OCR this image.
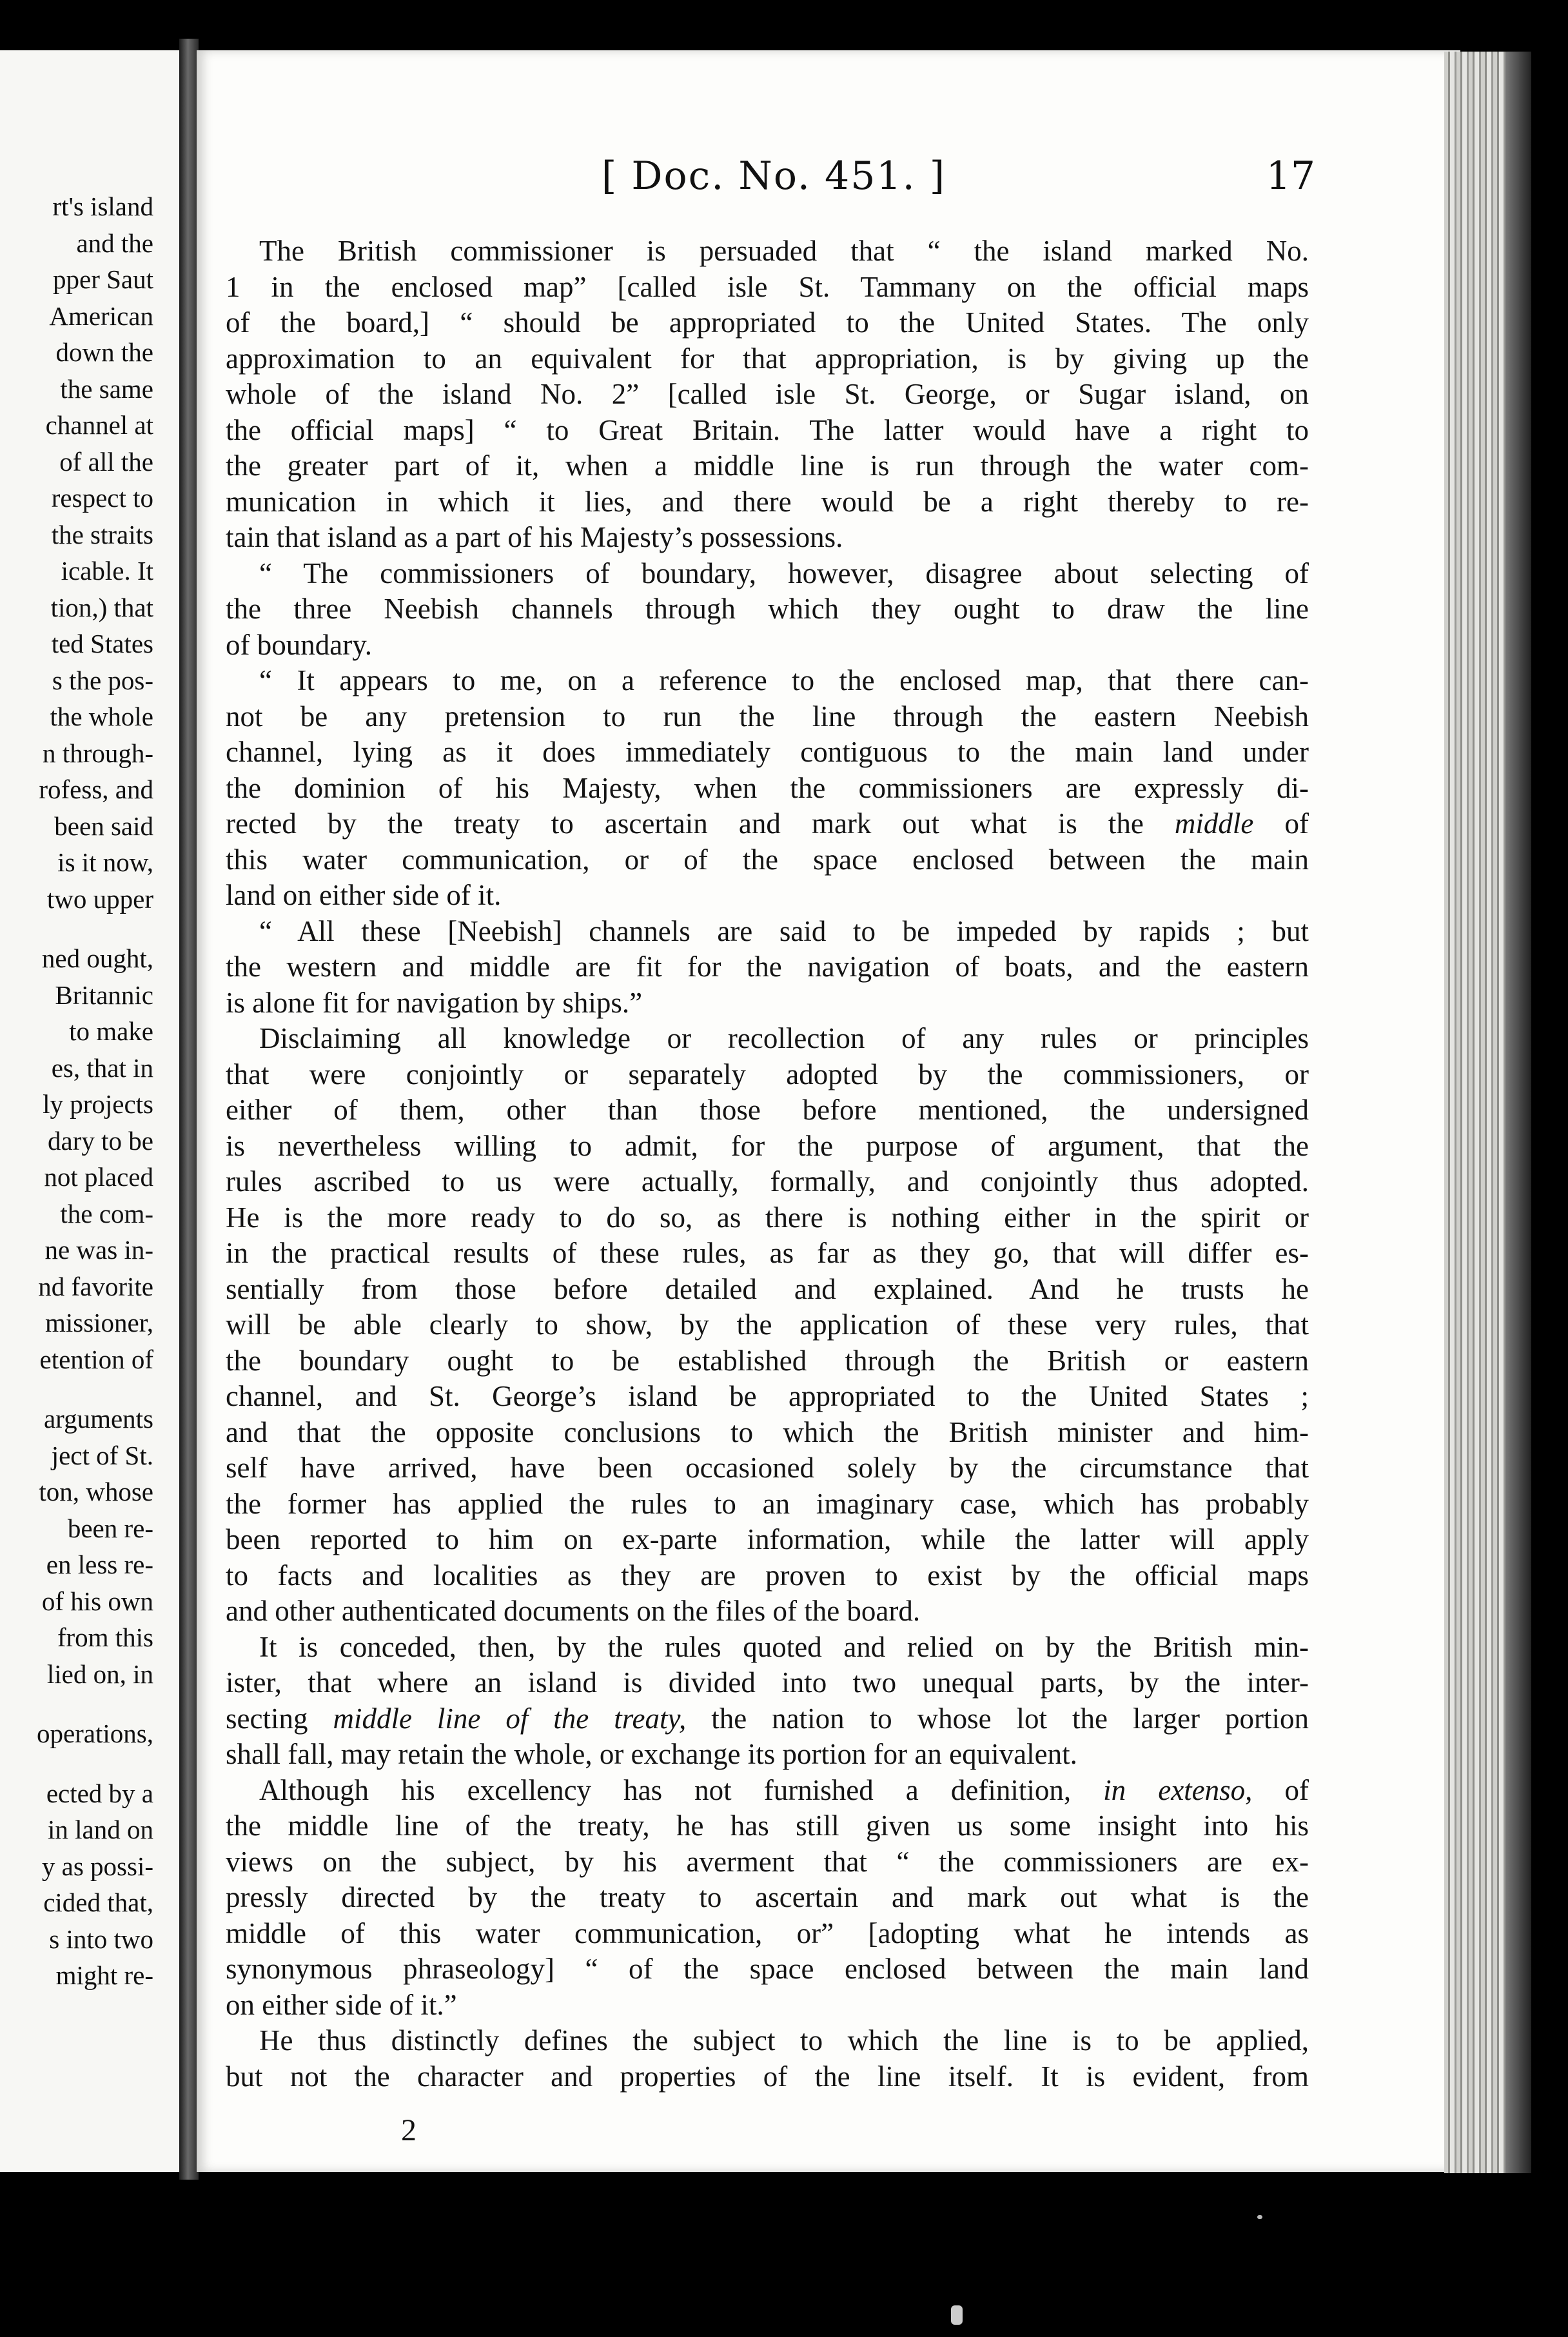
rt's island
and the
pper Saut
American
down the
the same
channel at
of all the
respect to
the straits
icable. It
tion,) that
ted States
s the pos-
the whole
n through-
rofess, and
been said
is it now,
two upper
ned ought,
Britannic
to make
es, that in
ly projects
dary to be
not placed
the com-
ne was in-
nd favorite
missioner,
etention of
arguments
ject of St.
ton, whose
been re-
en less re-
of his own
from this
lied on, in
operations,
ected by a
in land on
y as possi-
cided that,
s into two
might re-
[ Doc. No. 451. ]	17
The British commissioner is persuaded that “ the island marked No.
1 in the enclosed map” [called isle St. Tammany on the official maps
of the board,] “ should be appropriated to the United States. The only
approximation to an equivalent for that appropriation, is by giving up the
whole of the island No. 2” [called isle St. George, or Sugar island, on
the official maps] “ to Great Britain. The latter would have a right to
the greater part of it, when a middle line is run through the water com-
munication in which it lies, and there would be a right thereby to re-
tain that island as a part of his Majesty’s possessions.
“ The commissioners of boundary, however, disagree about selecting of
the three Neebish channels through which they ought to draw the line
of boundary.
“ It appears to me, on a reference to the enclosed map, that there can-
not be any pretension to run the line through the eastern Neebish
channel, lying as it does immediately contiguous to the main land under
the dominion of his Majesty, when the commissioners are expressly di-
rected by the treaty to ascertain and mark out what is the middle of
this water communication, or of the space enclosed between the main
land on either side of it.
“ All these [Neebish] channels are said to be impeded by rapids ; but
the western and middle are fit for the navigation of boats, and the eastern
is alone fit for navigation by ships.”
Disclaiming all knowledge or recollection of any rules or principles
that were conjointly or separately adopted by the commissioners, or
either of them, other than those before mentioned, the undersigned
is nevertheless willing to admit, for the purpose of argument, that the
rules ascribed to us were actually, formally, and conjointly thus adopted.
He is the more ready to do so, as there is nothing either in the spirit or
in the practical results of these rules, as far as they go, that will differ es-
sentially from those before detailed and explained. And he trusts he
will be able clearly to show, by the application of these very rules, that
the boundary ought to be established through the British or eastern
channel, and St. George’s island be appropriated to the United States ;
and that the opposite conclusions to which the British minister and him-
self have arrived, have been occasioned solely by the circumstance that
the former has applied the rules to an imaginary case, which has probably
been reported to him on ex-parte information, while the latter will apply
to facts and localities as they are proven to exist by the official maps
and other authenticated documents on the files of the board.
It is conceded, then, by the rules quoted and relied on by the British min-
ister, that where an island is divided into two unequal parts, by the inter-
secting middle line of the treaty, the nation to whose lot the larger portion
shall fall, may retain the whole, or exchange its portion for an equivalent.
Although his excellency has not furnished a definition, in extenso, of
the middle line of the treaty, he has still given us some insight into his
views on the subject, by his averment that “ the commissioners are ex-
pressly directed by the treaty to ascertain and mark out what is the
middle of this water communication, or” [adopting what he intends as
synonymous phraseology] “ of the space enclosed between the main land
on either side of it.”
He thus distinctly defines the subject to which the line is to be applied,
but not the character and properties of the line itself. It is evident, from
2
